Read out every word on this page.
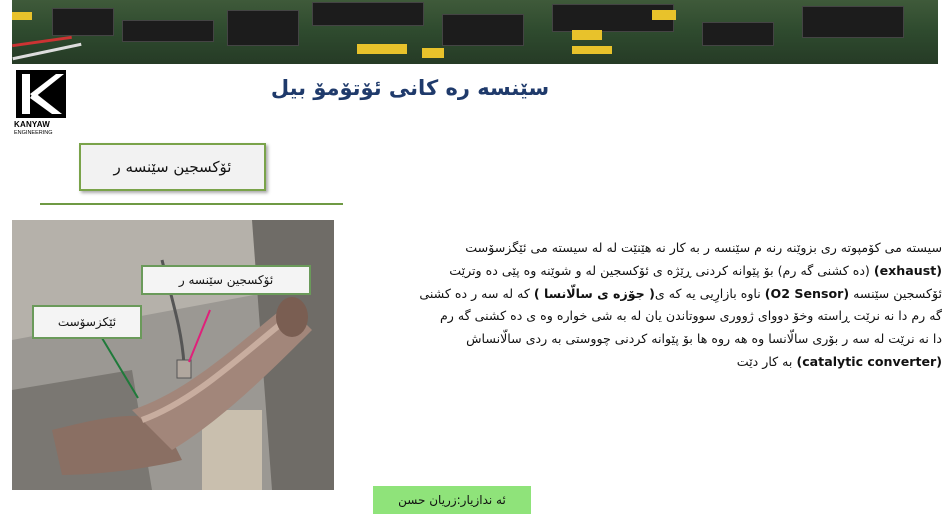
KANYAW
ENGINEERING
سێنسە رە کانی ئۆتۆمۆ بیل
ئۆکسجین سێنسە ر
ئۆکسجین سێنسە ر
ئێکزسۆست
سیستە می کۆمپوتە ری بزوێنە رنە م سێنسە ر بە کار نە هێنێت لە لە سیستە می ئێگزسۆست
(exhaust) (دە کشنی گە رم) بۆ پێوانە کردنی ڕێژە ی ئۆکسجین لە و شوێنە وە پێی دە وترێت
ئۆکسجین سێنسە (O2 Sensor) ناوە بازارِیی یە کە ی( جۆزە ی سالّانسا ) کە لە سە ر دە کشنی
گە رم دا نە نرێت ڕاستە وخۆ دووای ژووری سووتاندن یان لە بە شی خوارە وە ی دە کشنی گە رم
دا نە نرێت لە سە ر بۆری سالّانسا وە هە روە ها بۆ پێوانە کردنی چووستی بە ردی سالّانساش
(catalytic converter) بە کار دێت
ئە ندازیار:زریان حسن
